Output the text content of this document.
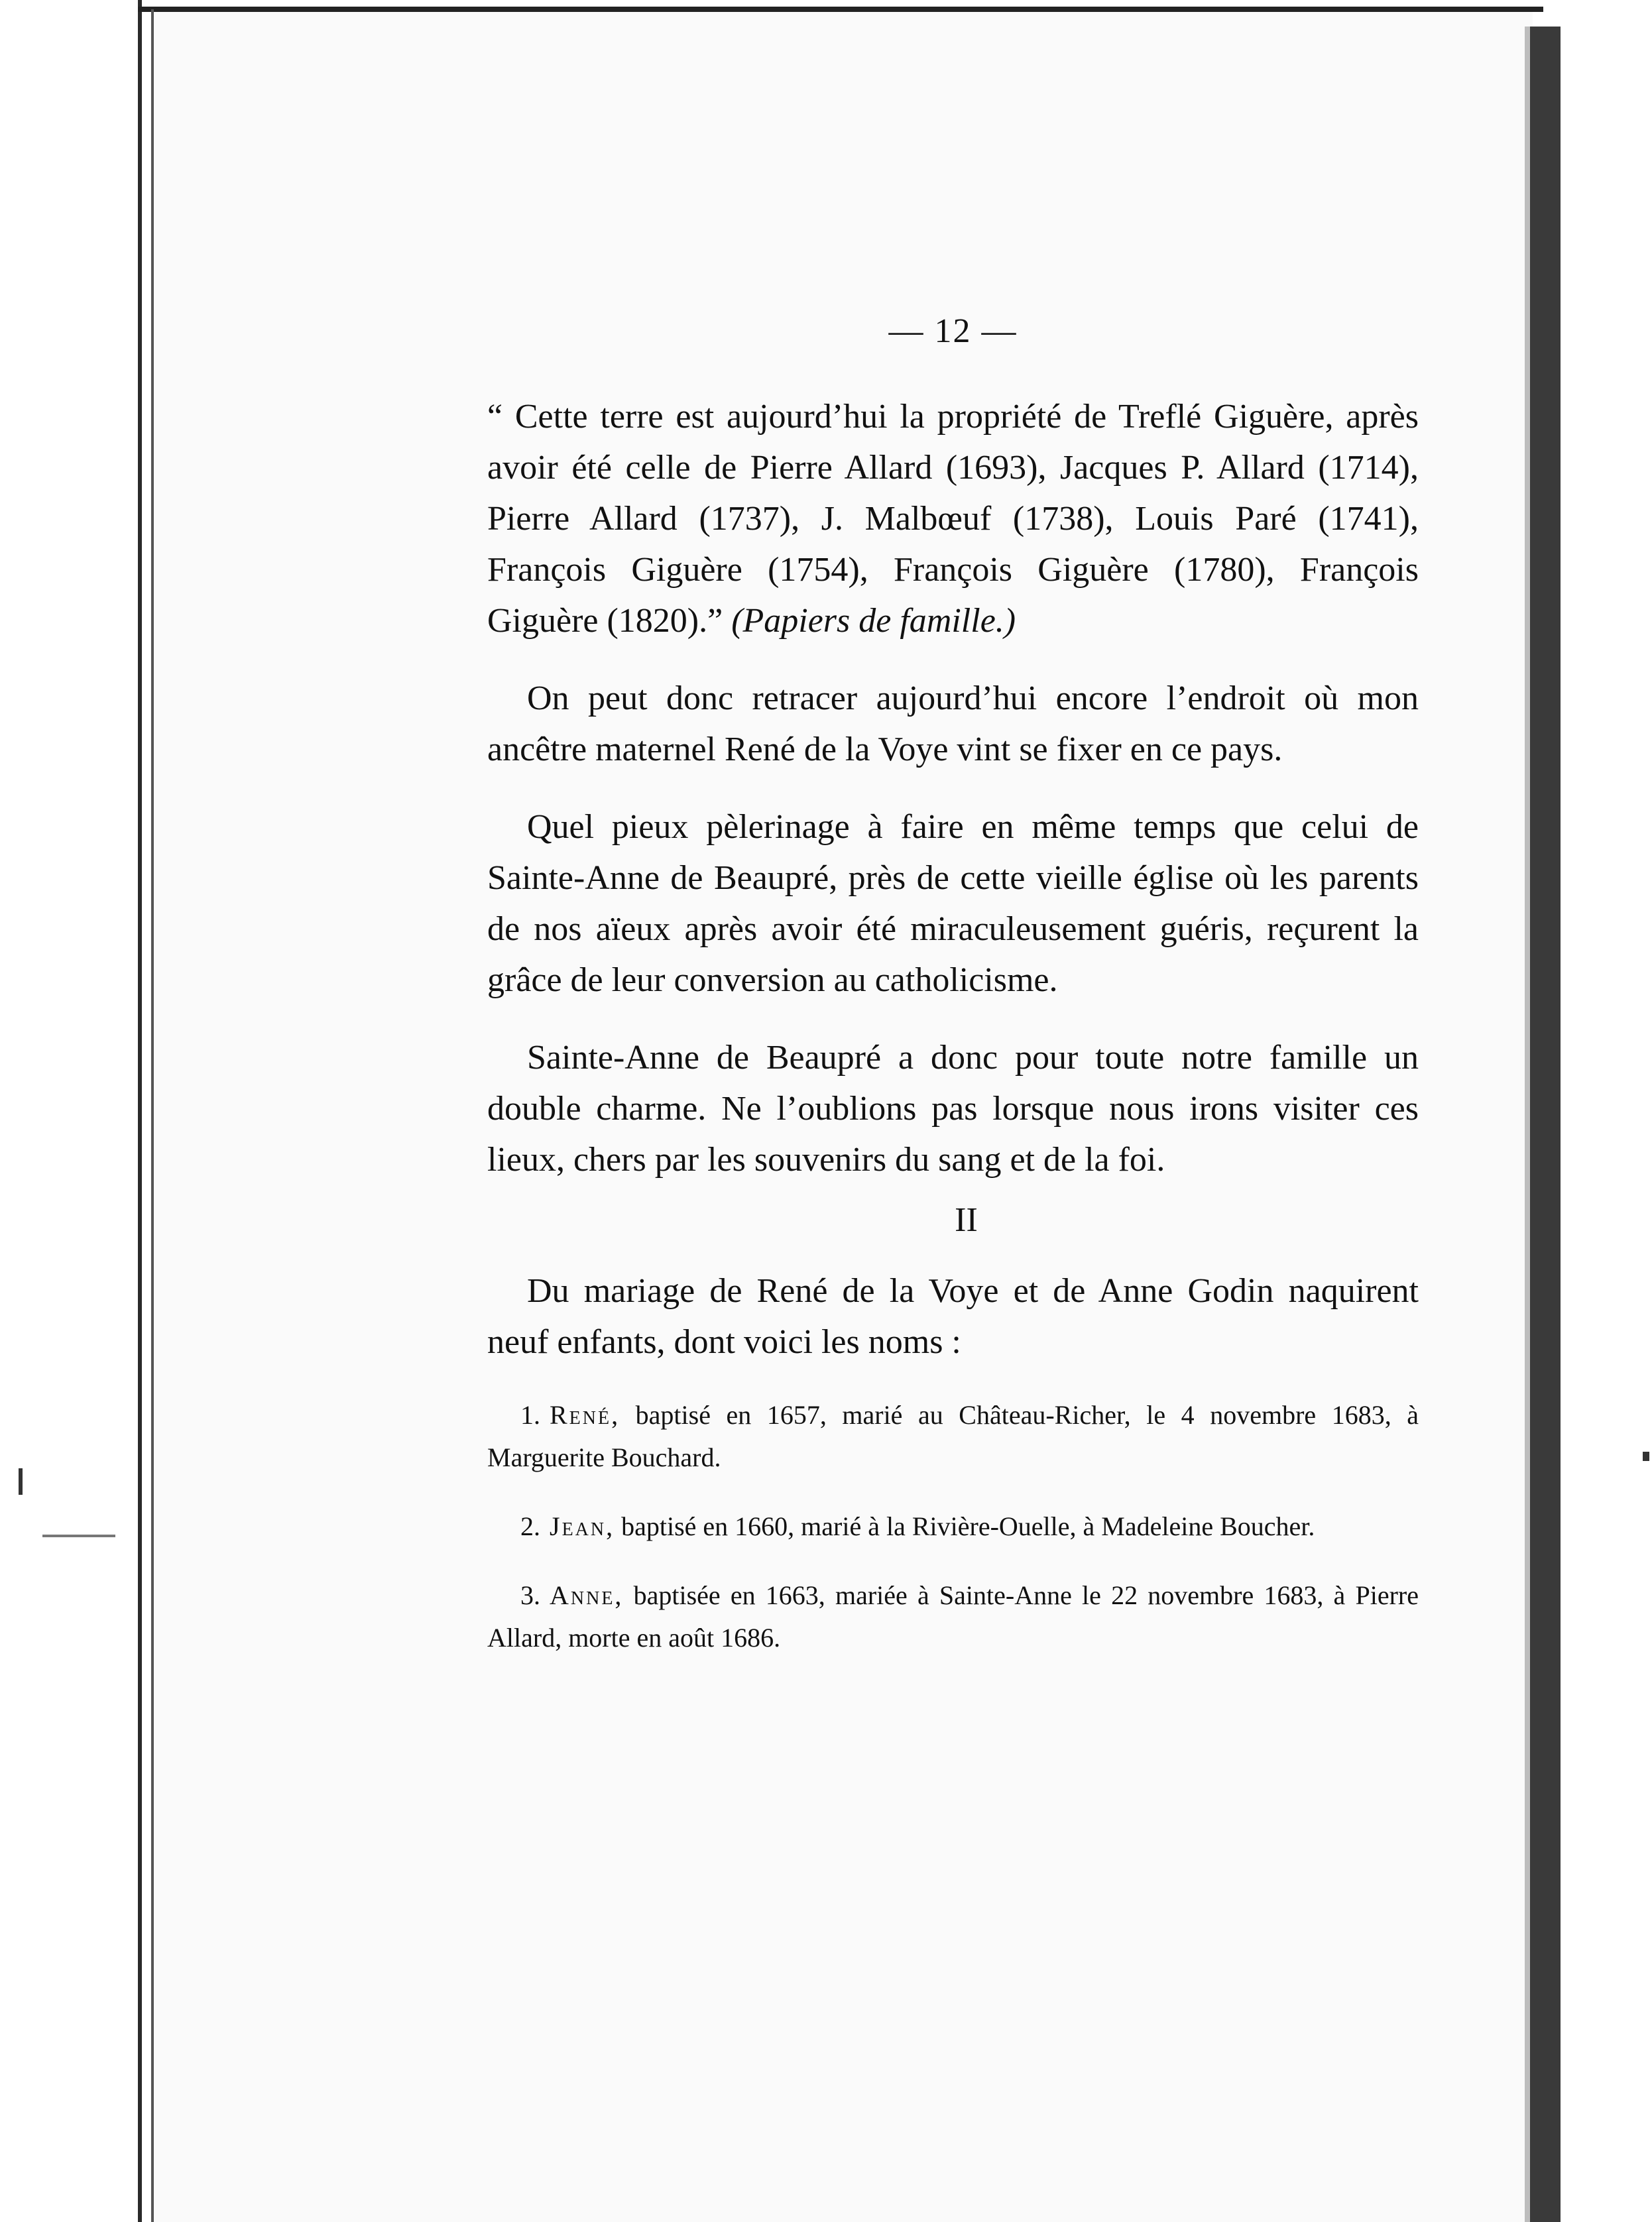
— 12 —

“ Cette terre est aujourd’hui la propriété de Treflé Giguère, après avoir été celle de Pierre Allard (1693), Jacques P. Allard (1714), Pierre Allard (1737), J. Malbœuf (1738), Louis Paré (1741), François Giguère (1754), François Giguère (1780), François Giguère (1820).” (Papiers de famille.)

On peut donc retracer aujourd’hui encore l’endroit où mon ancêtre maternel René de la Voye vint se fixer en ce pays.

Quel pieux pèlerinage à faire en même temps que celui de Sainte-Anne de Beaupré, près de cette vieille église où les parents de nos aïeux après avoir été miraculeusement guéris, reçurent la grâce de leur conversion au catholicisme.

Sainte-Anne de Beaupré a donc pour toute notre famille un double charme. Ne l’oublions pas lorsque nous irons visiter ces lieux, chers par les souvenirs du sang et de la foi.

II

Du mariage de René de la Voye et de Anne Godin naquirent neuf enfants, dont voici les noms :

1. René, baptisé en 1657, marié au Château-Richer, le 4 novembre 1683, à Marguerite Bouchard.

2. Jean, baptisé en 1660, marié à la Rivière-Ouelle, à Madeleine Boucher.

3. Anne, baptisée en 1663, mariée à Sainte-Anne le 22 novembre 1683, à Pierre Allard, morte en août 1686.
